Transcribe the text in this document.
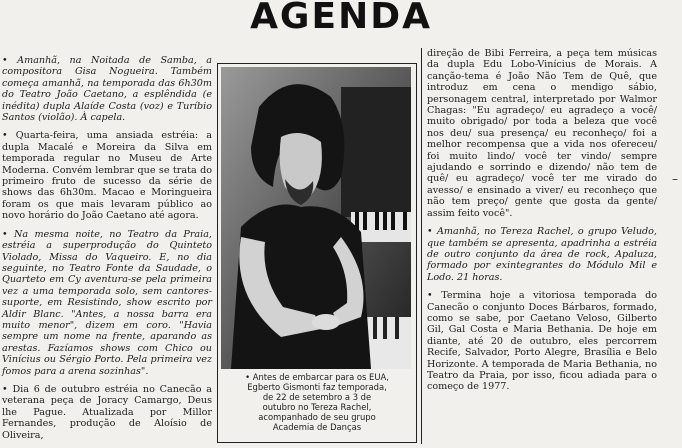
AGENDA

• Amanhã, na Noitada de Samba, a compositora Gisa Nogueira. Também começa amanhã, na temporada das 6h30m do Teatro João Caetano, a esplêndida (e inédita) dupla Alaíde Costa (voz) e Turíbio Santos (violão). À capela.

• Quarta-feira, uma ansiada estréia: a dupla Macalé e Moreira da Silva em temporada regular no Museu de Arte Moderna. Convém lembrar que se trata do primeiro fruto de sucesso da série de shows das 6h30m. Macao e Moringueira foram os que mais levaram público ao novo horário do João Caetano até agora.

• Na mesma noite, no Teatro da Praia, estréia a superprodução do Quinteto Violado, Missa do Vaqueiro. E, no dia seguinte, no Teatro Fonte da Saudade, o Quarteto em Cy aventura-se pela primeira vez a uma temporada solo, sem cantores-suporte, em Resistindo, show escrito por Aldir Blanc. "Antes, a nossa barra era muito menor", dizem em coro. "Havia sempre um nome na frente, aparando as arestas. Fazíamos shows com Chico ou Vinícius ou Sérgio Porto. Pela primeira vez fomos para a arena sozinhas".

• Dia 6 de outubro estréia no Canecão a veterana peça de Joracy Camargo, Deus lhe Pague. Atualizada por Millor Fernandes, produção de Aloísio de Oliveira,

• Antes de embarcar para os EUA,
Egberto Gismonti faz temporada,
de 22 de setembro a 3 de
outubro no Tereza Rachel,
acompanhado de seu grupo
Academia de Danças

direção de Bibi Ferreira, a peça tem músicas da dupla Edu Lobo-Vinícius de Morais. A canção-tema é João Não Tem de Quê, que introduz em cena o mendigo sábio, personagem central, interpretado por Walmor Chagas: "Eu agradeço/ eu agradeço a você/ muito obrigado/ por toda a beleza que você nos deu/ sua presença/ eu reconheço/ foi a melhor recompensa que a vida nos ofereceu/ foi muito lindo/ você ter vindo/ sempre ajudando e sorrindo e dizendo/ não tem de quê/ eu agradeço/ você ter me virado do avesso/ e ensinado a viver/ eu reconheço que não tem preço/ gente que gosta da gente/ assim feito você".

• Amanhã, no Tereza Rachel, o grupo Veludo, que também se apresenta, apadrinha a estréia de outro conjunto da área de rock, Apaluza, formado por exintegrantes do Módulo Mil e Lodo. 21 horas.

• Termina hoje a vitoriosa temporada do Canecão o conjunto Doces Bárbaros, formado, como se sabe, por Caetano Veloso, Gilberto Gil, Gal Costa e Maria Bethania. De hoje em diante, até 20 de outubro, eles percorrem Recife, Salvador, Porto Alegre, Brasília e Belo Horizonte. A temporada de Maria Bethania, no Teatro da Praia, por isso, ficou adiada para o começo de 1977.

–
